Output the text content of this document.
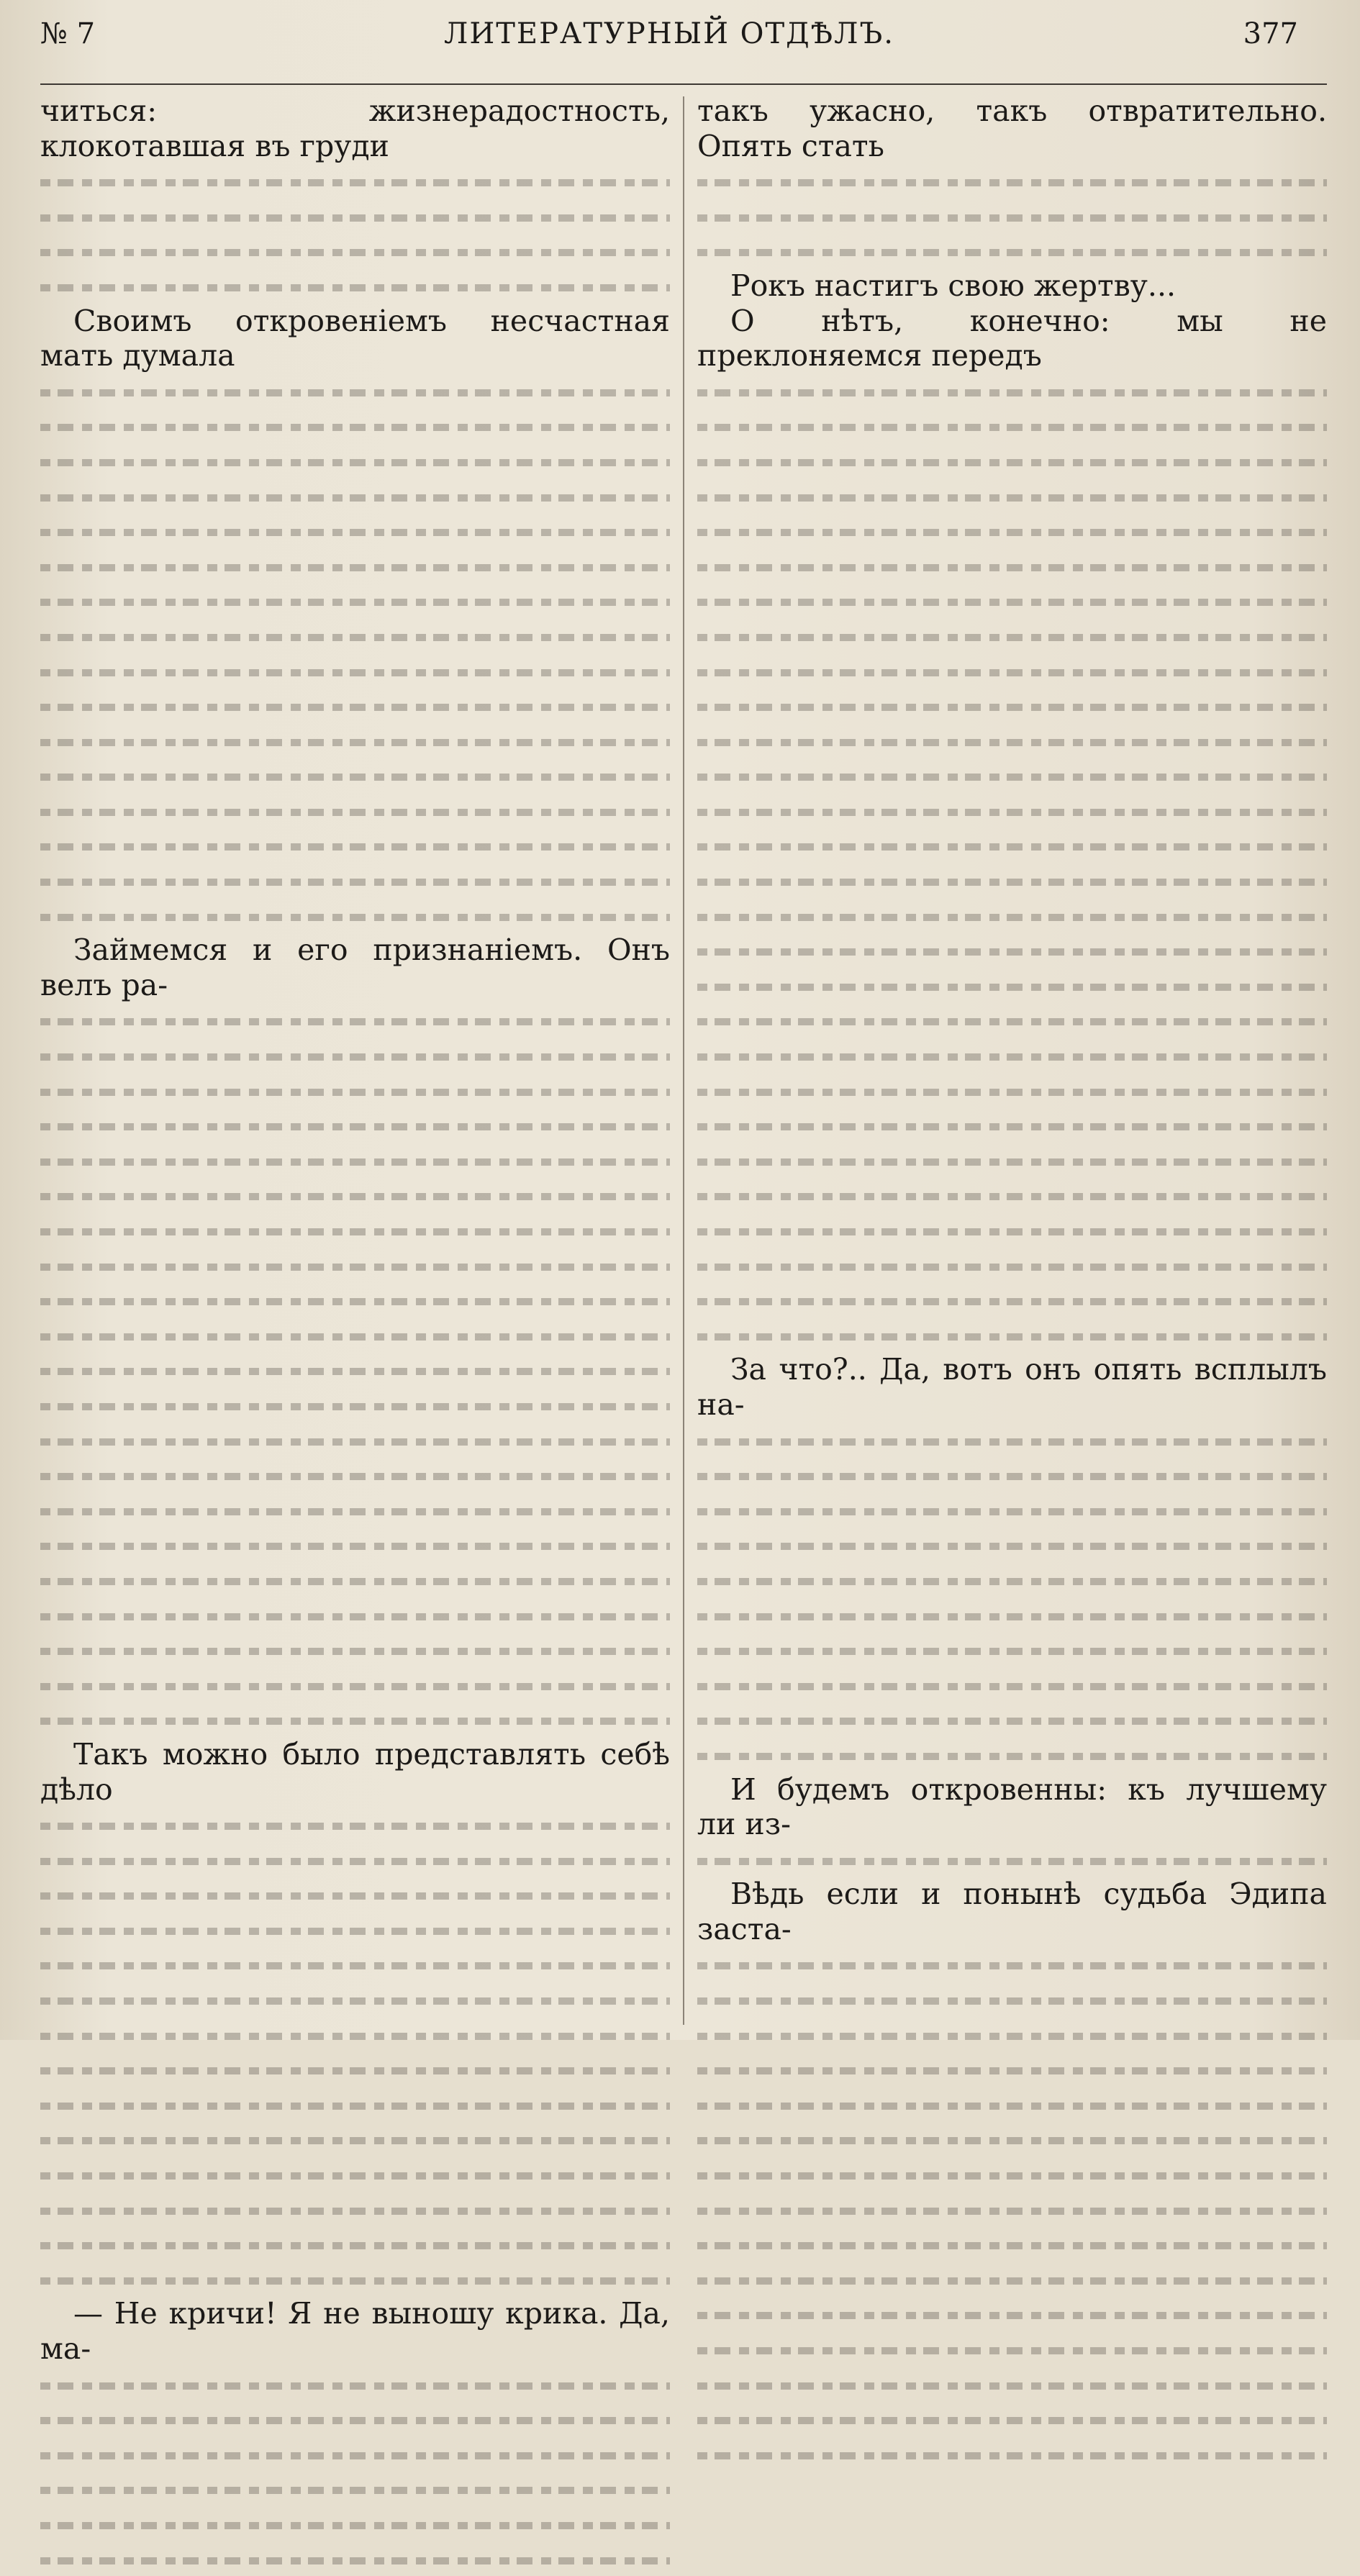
№ 7	ЛИТЕРАТУРНЫЙ ОТДѢЛЪ.	377

читься: жизнерадостность, клокотавшая въ груди

Своимъ откровеніемъ несчастная мать думала

Займемся и его признаніемъ. Онъ велъ ра-

Такъ можно было представлять себѣ дѣло

— Не кричи! Я не выношу крика. Да, ма-

такъ ужасно, такъ отвратительно. Опять стать

Рокъ настигъ свою жертву...

О нѣтъ, конечно: мы не преклоняемся передъ

За что?.. Да, вотъ онъ опять всплылъ на-

И будемъ откровенны: къ лучшему ли из-

Вѣдь если и понынѣ судьба Эдипа заста-
